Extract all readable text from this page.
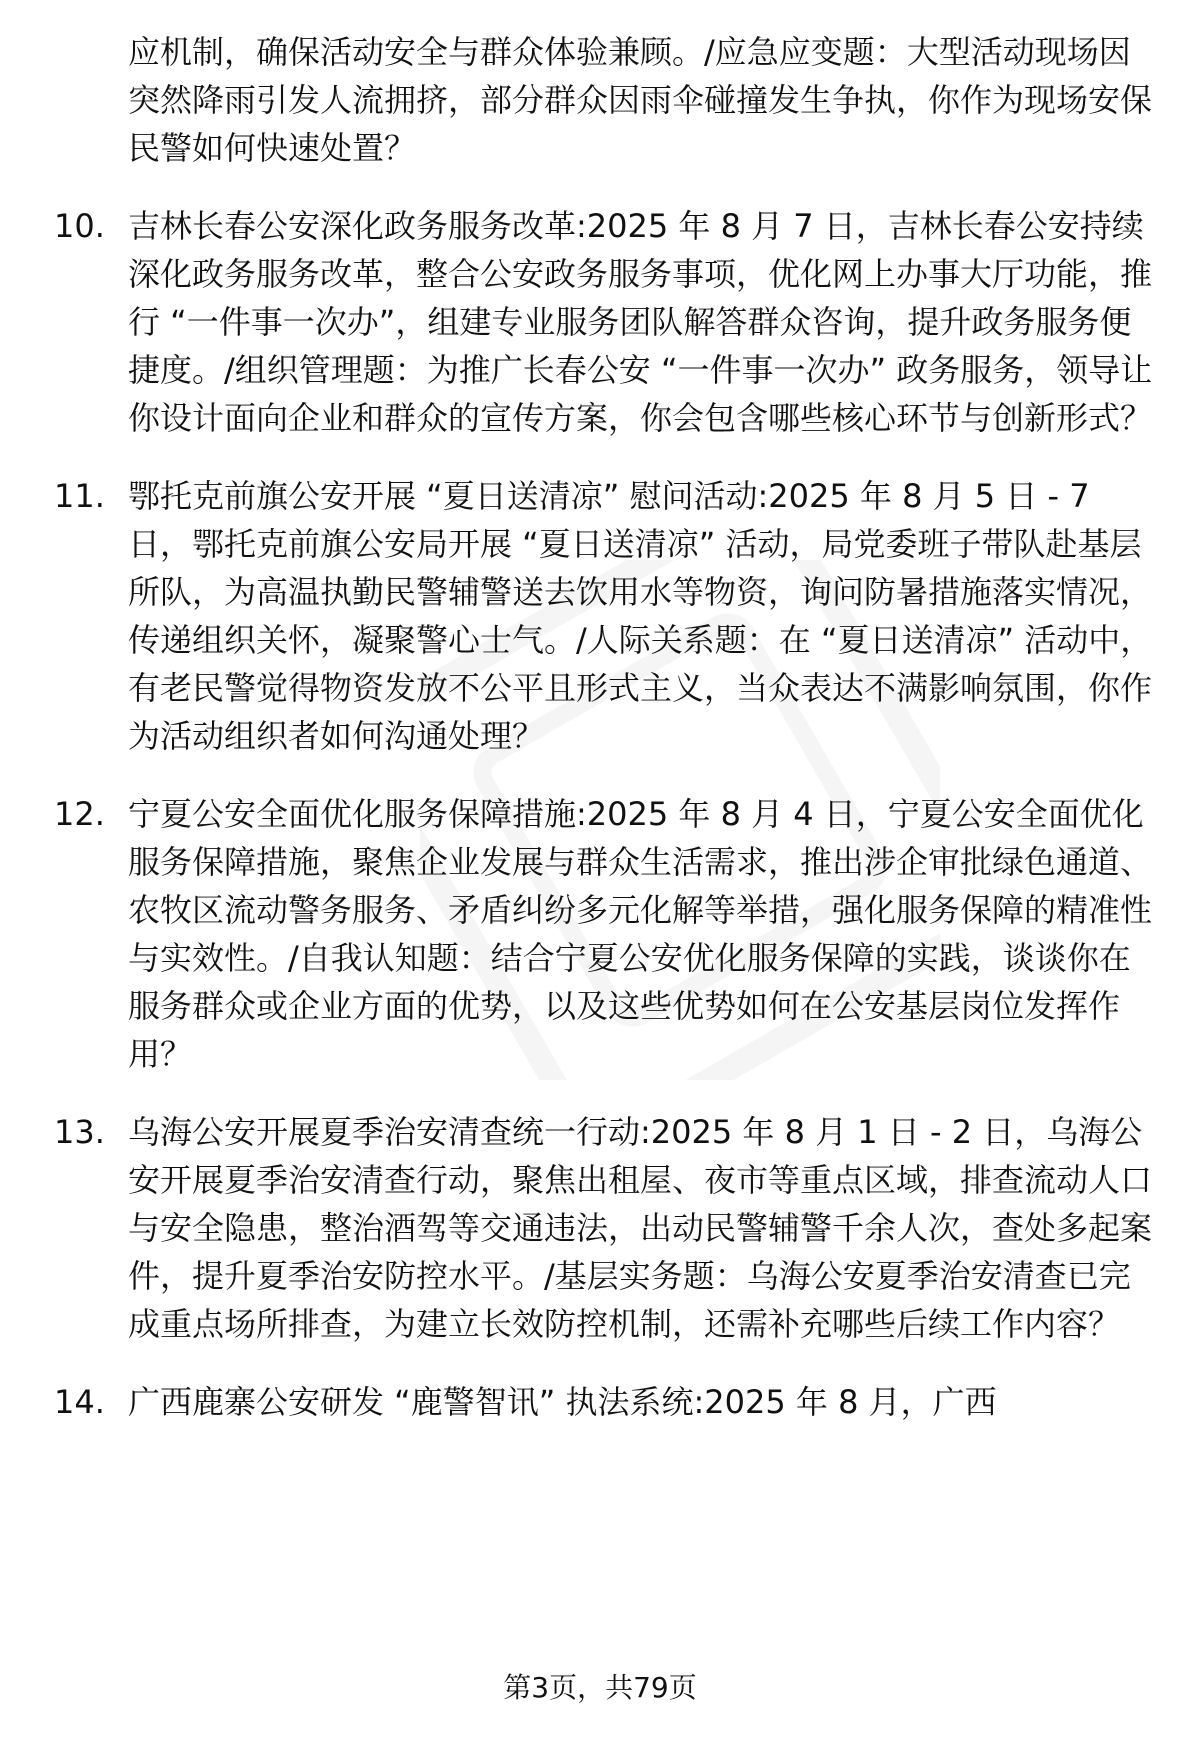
应机制，确保活动安全与群众体验兼顾。/应急应变题：大型活动现场因突然降雨引发人流拥挤，部分群众因雨伞碰撞发生争执，你作为现场安保民警如何快速处置？
10. 吉林长春公安深化政务服务改革:2025 年 8 月 7 日，吉林长春公安持续深化政务服务改革，整合公安政务服务事项，优化网上办事大厅功能，推行 “一件事一次办”，组建专业服务团队解答群众咨询，提升政务服务便捷度。/组织管理题：为推广长春公安 “一件事一次办” 政务服务，领导让你设计面向企业和群众的宣传方案，你会包含哪些核心环节与创新形式？
11. 鄂托克前旗公安开展 “夏日送清凉” 慰问活动:2025 年 8 月 5 日 - 7 日，鄂托克前旗公安局开展 “夏日送清凉” 活动，局党委班子带队赴基层所队，为高温执勤民警辅警送去饮用水等物资，询问防暑措施落实情况，传递组织关怀，凝聚警心士气。/人际关系题：在 “夏日送清凉” 活动中，有老民警觉得物资发放不公平且形式主义，当众表达不满影响氛围，你作为活动组织者如何沟通处理？
12. 宁夏公安全面优化服务保障措施:2025 年 8 月 4 日，宁夏公安全面优化服务保障措施，聚焦企业发展与群众生活需求，推出涉企审批绿色通道、农牧区流动警务服务、矛盾纠纷多元化解等举措，强化服务保障的精准性与实效性。/自我认知题：结合宁夏公安优化服务保障的实践，谈谈你在服务群众或企业方面的优势，以及这些优势如何在公安基层岗位发挥作用？
13. 乌海公安开展夏季治安清查统一行动:2025 年 8 月 1 日 - 2 日，乌海公安开展夏季治安清查行动，聚焦出租屋、夜市等重点区域，排查流动人口与安全隐患，整治酒驾等交通违法，出动民警辅警千余人次，查处多起案件，提升夏季治安防控水平。/基层实务题：乌海公安夏季治安清查已完成重点场所排查，为建立长效防控机制，还需补充哪些后续工作内容？
14. 广西鹿寨公安研发 “鹿警智讯” 执法系统:2025 年 8 月，广西
第3页，共79页
